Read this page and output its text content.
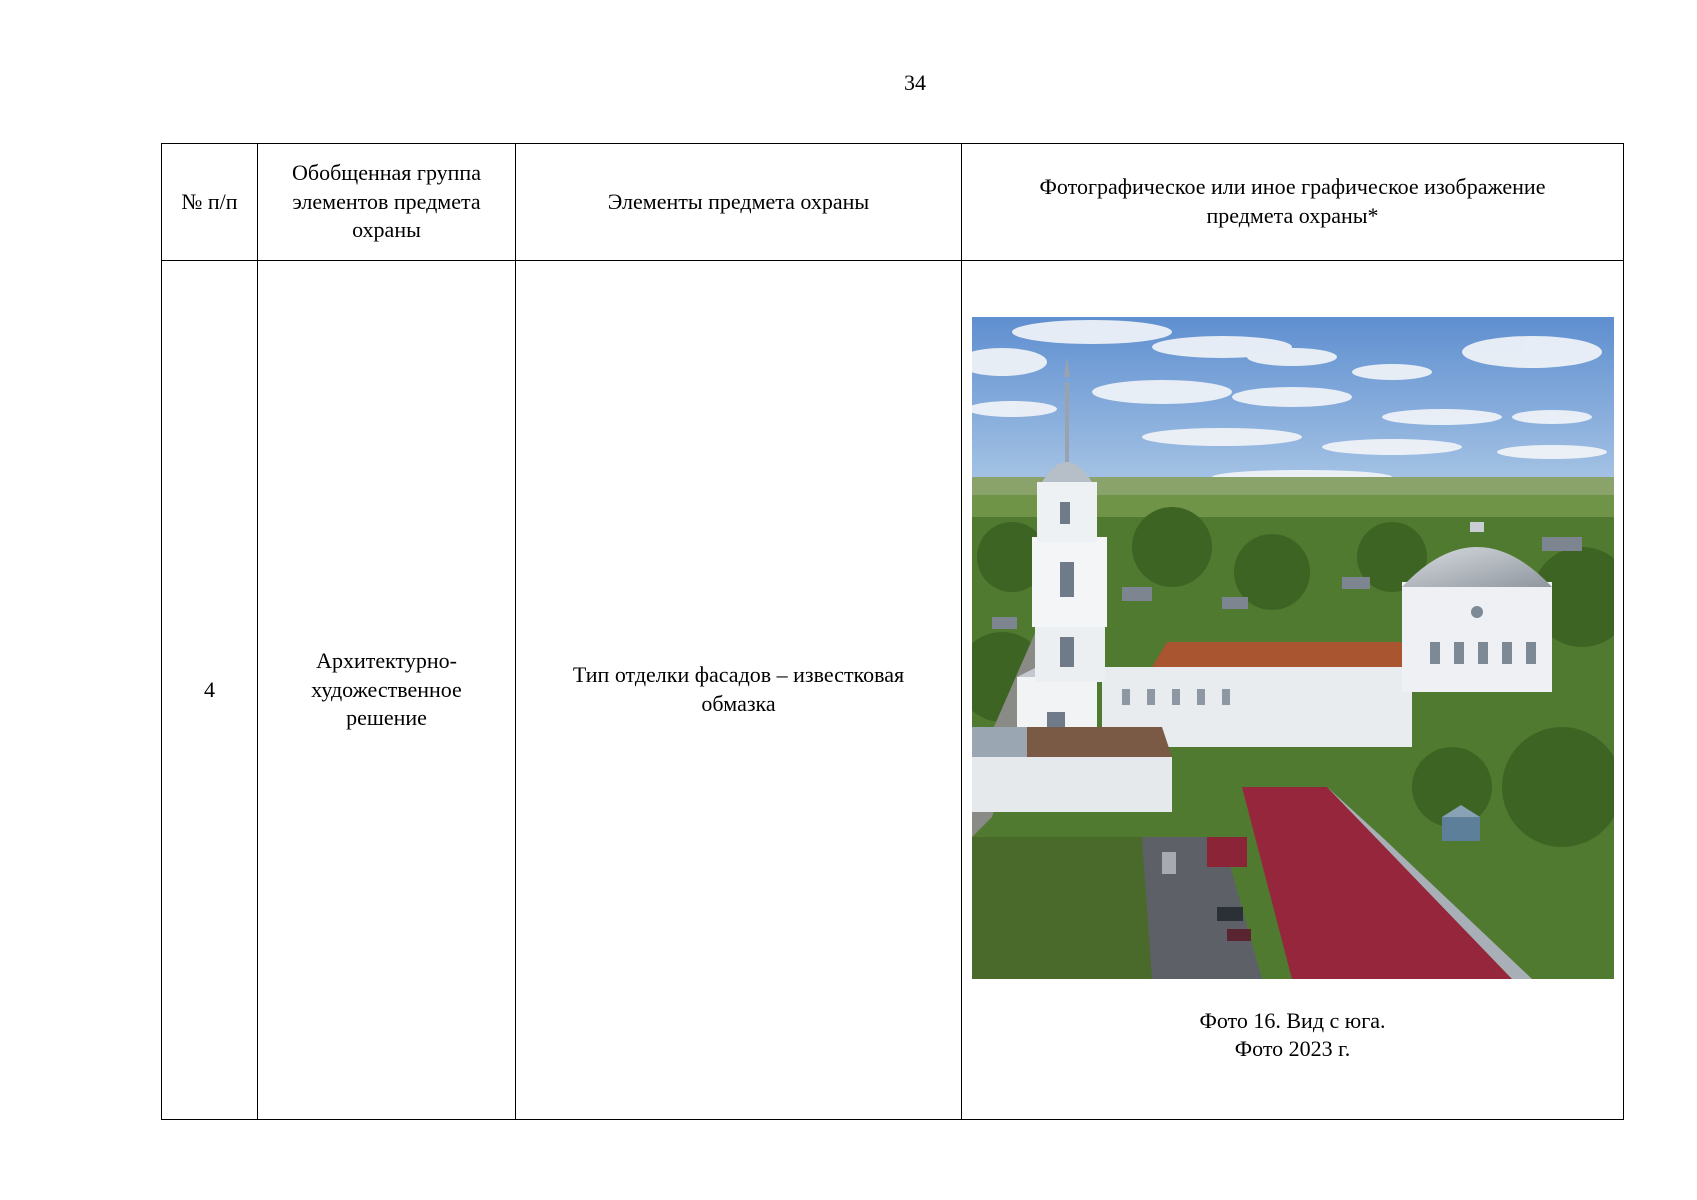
34
№ п/п	Обобщенная группа элементов предмета охраны	Элементы предмета охраны	Фотографическое или иное графическое изображение предмета охраны*
4	Архитектурно-художественное решение	Тип отделки фасадов – известковая обмазка	Фото 16. Вид с юга.
Фото 2023 г.
